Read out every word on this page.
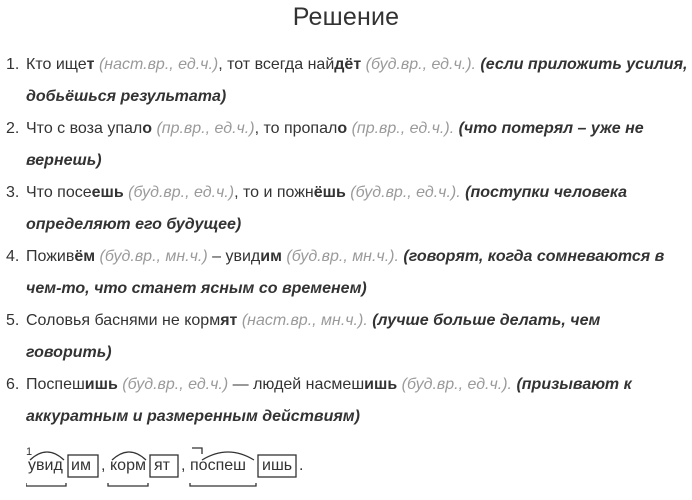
Решение
1. Кто ищет (наст.вр., ед.ч.), тот всегда найдёт (буд.вр., ед.ч.). (если приложить усилия, добьёшься результата)
2. Что с воза упало (пр.вр., ед.ч.), то пропало (пр.вр., ед.ч.). (что потерял – уже не вернешь)
3. Что посеешь (буд.вр., ед.ч.), то и пожнёшь (буд.вр., ед.ч.). (поступки человека определяют его будущее)
4. Поживём (буд.вр., мн.ч.) – увидим (буд.вр., мн.ч.). (говорят, когда сомневаются в чем-то, что станет ясным со временем)
5. Соловья баснями не кормят (наст.вр., мн.ч.). (лучше больше делать, чем говорить)
6. Поспешишь (буд.вр., ед.ч.) — людей насмешишь (буд.вр., ед.ч.). (призывают к аккуратным и размеренным действиям)
1
увид им , корм ят , поспеш ишь .
